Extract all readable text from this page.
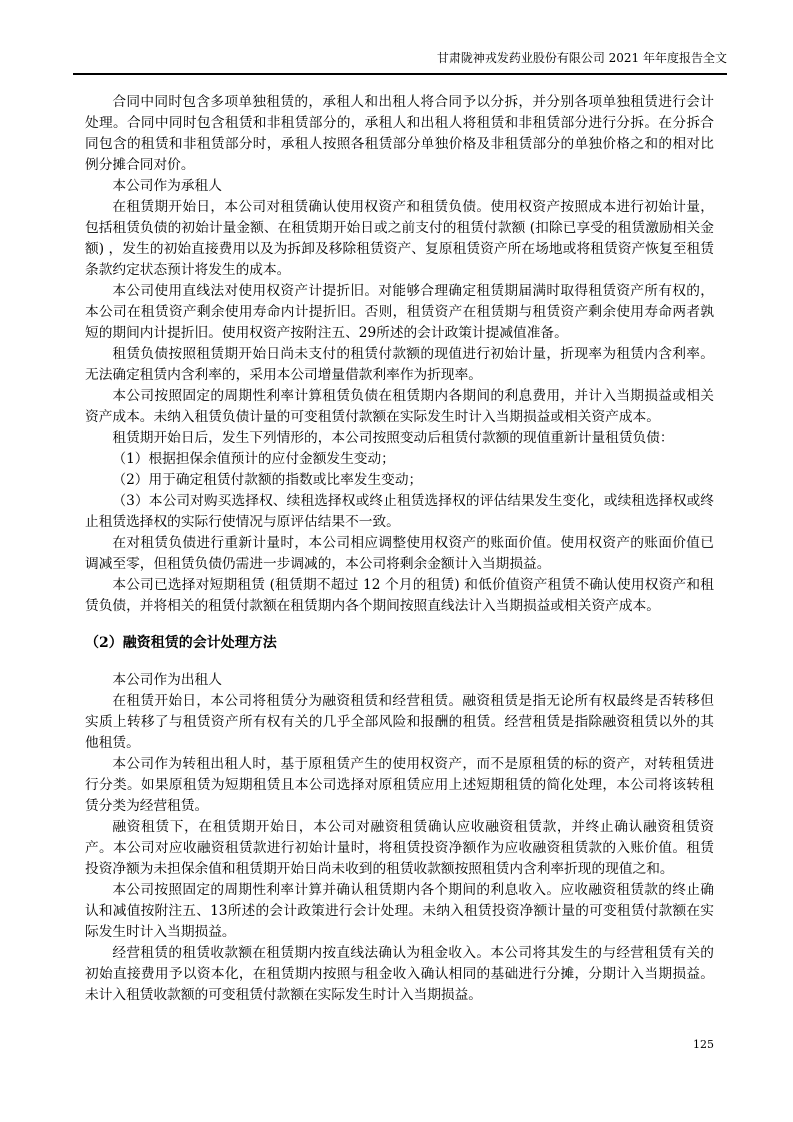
甘肃陇神戎发药业股份有限公司 2021 年年度报告全文

合同中同时包含多项单独租赁的，承租人和出租人将合同予以分拆，并分别各项单独租赁进行会计处理。合同中同时包含租赁和非租赁部分的，承租人和出租人将租赁和非租赁部分进行分拆。在分拆合同包含的租赁和非租赁部分时，承租人按照各租赁部分单独价格及非租赁部分的单独价格之和的相对比例分摊合同对价。

本公司作为承租人

在租赁期开始日，本公司对租赁确认使用权资产和租赁负债。使用权资产按照成本进行初始计量，包括租赁负债的初始计量金额、在租赁期开始日或之前支付的租赁付款额 (扣除已享受的租赁激励相关金额) ，发生的初始直接费用以及为拆卸及移除租赁资产、复原租赁资产所在场地或将租赁资产恢复至租赁条款约定状态预计将发生的成本。

本公司使用直线法对使用权资产计提折旧。对能够合理确定租赁期届满时取得租赁资产所有权的，本公司在租赁资产剩余使用寿命内计提折旧。否则，租赁资产在租赁期与租赁资产剩余使用寿命两者孰短的期间内计提折旧。使用权资产按附注五、29所述的会计政策计提减值准备。

租赁负债按照租赁期开始日尚未支付的租赁付款额的现值进行初始计量，折现率为租赁内含利率。无法确定租赁内含利率的，采用本公司增量借款利率作为折现率。

本公司按照固定的周期性利率计算租赁负债在租赁期内各期间的利息费用，并计入当期损益或相关资产成本。未纳入租赁负债计量的可变租赁付款额在实际发生时计入当期损益或相关资产成本。

租赁期开始日后，发生下列情形的，本公司按照变动后租赁付款额的现值重新计量租赁负债：

（1）根据担保余值预计的应付金额发生变动；

（2）用于确定租赁付款额的指数或比率发生变动；

（3）本公司对购买选择权、续租选择权或终止租赁选择权的评估结果发生变化，或续租选择权或终止租赁选择权的实际行使情况与原评估结果不一致。

在对租赁负债进行重新计量时，本公司相应调整使用权资产的账面价值。使用权资产的账面价值已调减至零，但租赁负债仍需进一步调减的，本公司将剩余金额计入当期损益。

本公司已选择对短期租赁 (租赁期不超过 12 个月的租赁) 和低价值资产租赁不确认使用权资产和租赁负债，并将相关的租赁付款额在租赁期内各个期间按照直线法计入当期损益或相关资产成本。

（2）融资租赁的会计处理方法

本公司作为出租人

在租赁开始日，本公司将租赁分为融资租赁和经营租赁。融资租赁是指无论所有权最终是否转移但实质上转移了与租赁资产所有权有关的几乎全部风险和报酬的租赁。经营租赁是指除融资租赁以外的其他租赁。

本公司作为转租出租人时，基于原租赁产生的使用权资产，而不是原租赁的标的资产，对转租赁进行分类。如果原租赁为短期租赁且本公司选择对原租赁应用上述短期租赁的简化处理，本公司将该转租赁分类为经营租赁。

融资租赁下，在租赁期开始日，本公司对融资租赁确认应收融资租赁款，并终止确认融资租赁资产。本公司对应收融资租赁款进行初始计量时，将租赁投资净额作为应收融资租赁款的入账价值。租赁投资净额为未担保余值和租赁期开始日尚未收到的租赁收款额按照租赁内含利率折现的现值之和。

本公司按照固定的周期性利率计算并确认租赁期内各个期间的利息收入。应收融资租赁款的终止确认和减值按附注五、13所述的会计政策进行会计处理。未纳入租赁投资净额计量的可变租赁付款额在实际发生时计入当期损益。

经营租赁的租赁收款额在租赁期内按直线法确认为租金收入。本公司将其发生的与经营租赁有关的初始直接费用予以资本化，在租赁期内按照与租金收入确认相同的基础进行分摊，分期计入当期损益。未计入租赁收款额的可变租赁付款额在实际发生时计入当期损益。

125
